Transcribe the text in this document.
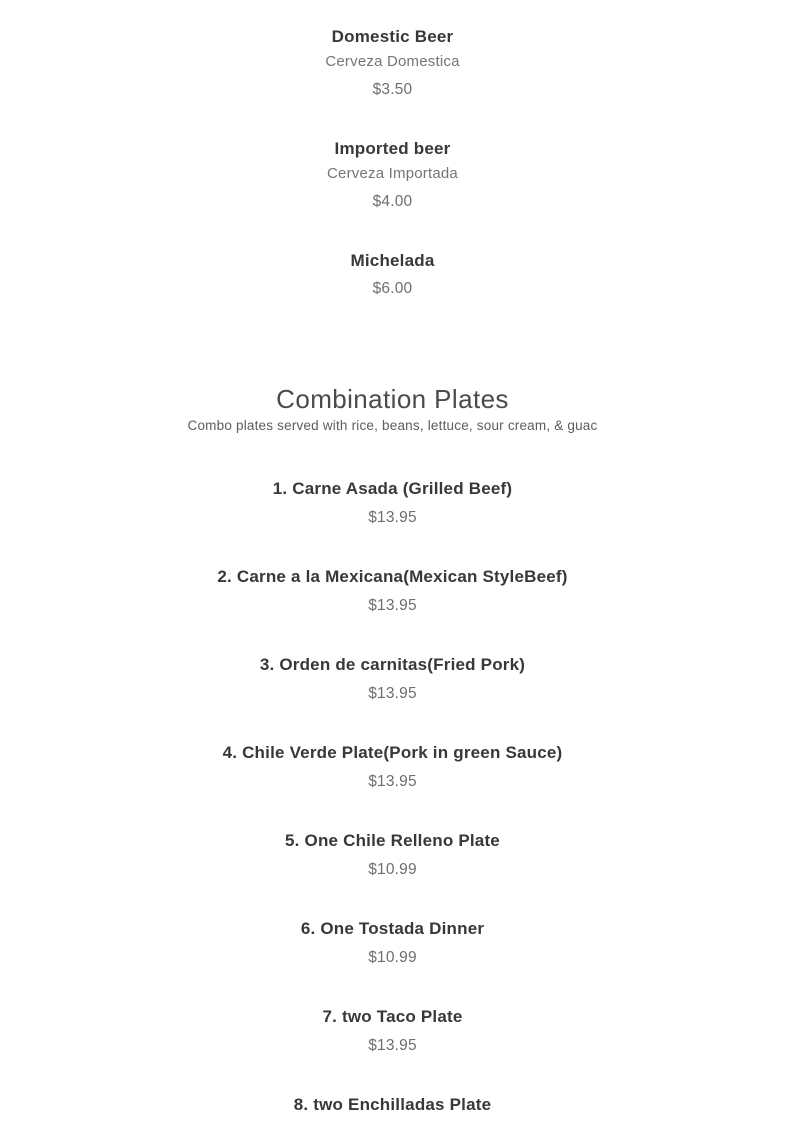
Domestic Beer

Cerveza Domestica

$3.50

Imported beer

Cerveza Importada

$4.00

Michelada

$6.00

Combination Plates

Combo plates served with rice, beans, lettuce, sour cream, & guac

1. Carne Asada (Grilled Beef)

$13.95

2. Carne a la Mexicana(Mexican StyleBeef)

$13.95

3. Orden de carnitas(Fried Pork)

$13.95

4. Chile Verde Plate(Pork in green Sauce)

$13.95

5. One Chile Relleno Plate

$10.99

6. One Tostada Dinner

$10.99

7. two Taco Plate

$13.95

8. two Enchilladas Plate
